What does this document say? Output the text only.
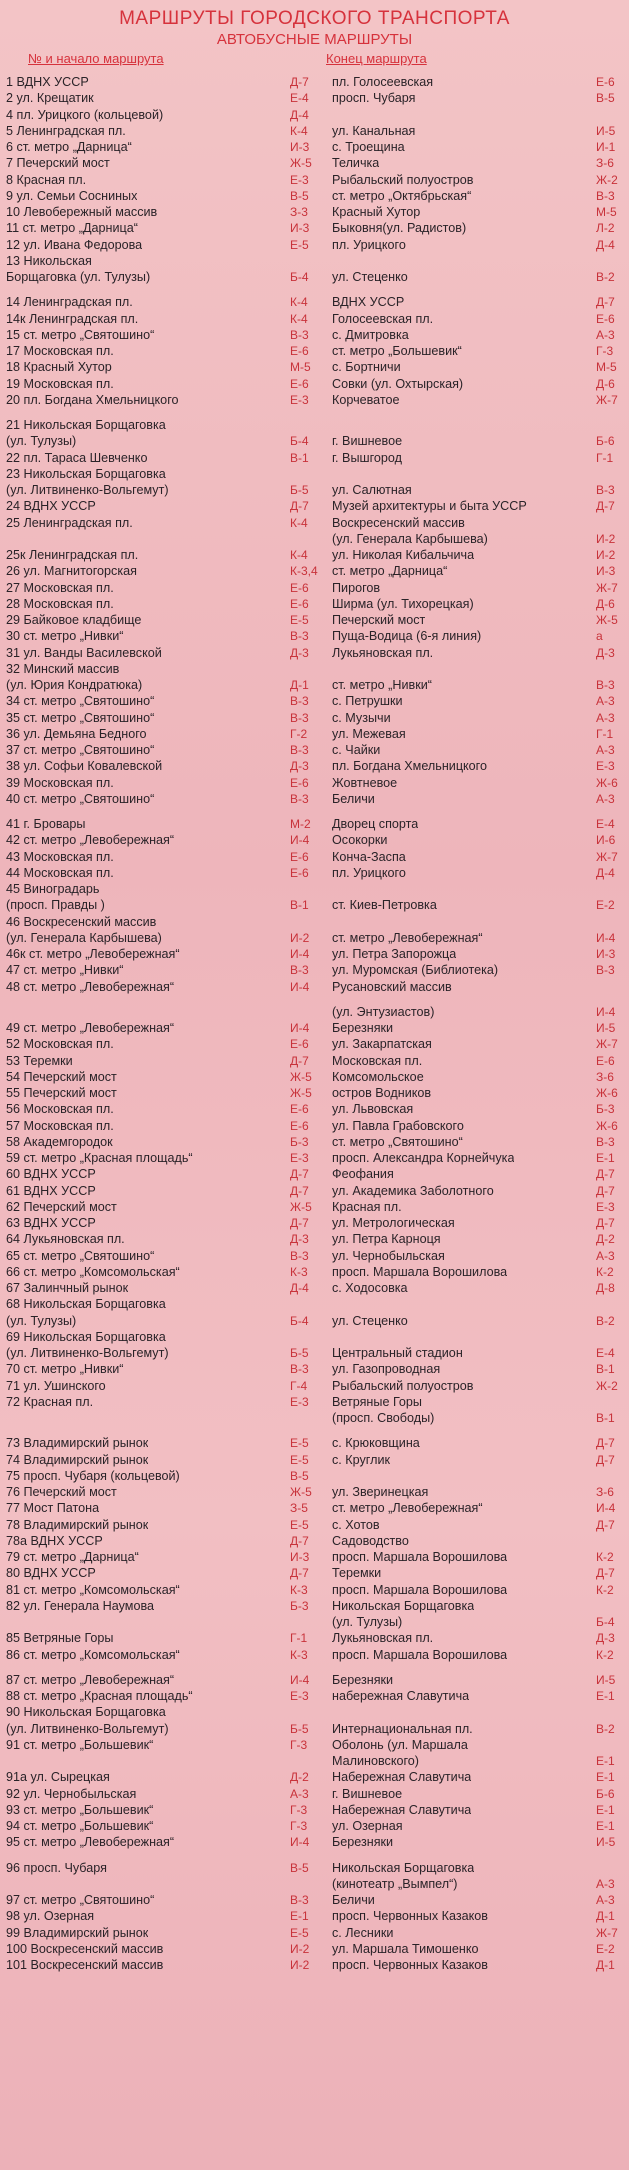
МАРШРУТЫ ГОРОДСКОГО ТРАНСПОРТА
АВТОБУСНЫЕ МАРШРУТЫ
№ и начало маршрута	Конец маршрута
1 ВДНХ УССР	Д-7 пл. Голосеевская	Е-6
2 ул. Крещатик	Е-4 просп. Чубаря	В-5
4 пл. Урицкого (кольцевой)	Д-4
5 Ленинградская пл.	К-4 ул. Канальная	И-5
6 ст. метро „Дарница“	И-3 с. Троещина	И-1
7 Печерский мост	Ж-5 Теличка	З-6
8 Красная пл.	Е-3 Рыбальский полуостров	Ж-2
9 ул. Семьи Сосниных	В-5 ст. метро „Октябрьская“	В-3
10 Левобережный массив	З-3 Красный Хутор	М-5
11 ст. метро „Дарница“	И-3 Быковня(ул. Радистов)	Л-2
12 ул. Ивана Федорова	Е-5 пл. Урицкого	Д-4
13 Никольская
Борщаговка (ул. Тулузы)	Б-4 ул. Стеценко	В-2
14 Ленинградская пл.	К-4 ВДНХ УССР	Д-7
14к Ленинградская пл.	К-4 Голосеевская пл.	Е-6
15 ст. метро „Святошино“	В-3 с. Дмитровка	А-3
17 Московская пл.	Е-6 ст. метро „Большевик“	Г-3
18 Красный Хутор	М-5 с. Бортничи	М-5
19 Московская пл.	Е-6 Совки (ул. Охтырская)	Д-6
20 пл. Богдана Хмельницкого	Е-3 Корчеватое	Ж-7
21 Никольская Борщаговка
(ул. Тулузы)	Б-4 г. Вишневое	Б-6
22 пл. Тараса Шевченко	В-1 г. Вышгород	Г-1
23 Никольская Борщаговка
(ул. Литвиненко-Вольгемут)	Б-5 ул. Салютная	В-3
24 ВДНХ УССР	Д-7 Музей архитектуры и быта УССР	Д-7
25 Ленинградская пл.	К-4 Воскресенский массив
(ул. Генерала Карбышева)	И-2
25к Ленинградская пл.	К-4 ул. Николая Кибальчича	И-2
26 ул. Магнитогорская	К-3,4 ст. метро „Дарница“	И-3
27 Московская пл.	Е-6 Пирогов	Ж-7
28 Московская пл.	Е-6 Ширма (ул. Тихорецкая)	Д-6
29 Байковое кладбище	Е-5 Печерский мост	Ж-5
30 ст. метро „Нивки“	В-3 Пуща-Водица (6-я линия)	а
31 ул. Ванды Василевской	Д-3 Лукьяновская пл.	Д-3
32 Минский массив
(ул. Юрия Кондратюка)	Д-1 ст. метро „Нивки“	В-3
34 ст. метро „Святошино“	В-3 с. Петрушки	А-3
35 ст. метро „Святошино“	В-3 с. Музычи	А-3
36 ул. Демьяна Бедного	Г-2 ул. Межевая	Г-1
37 ст. метро „Святошино“	В-3 с. Чайки	А-3
38 ул. Софьи Ковалевской	Д-3 пл. Богдана Хмельницкого	Е-3
39 Московская пл.	Е-6 Жовтневое	Ж-6
40 ст. метро „Святошино“	В-3 Беличи	А-3
41 г. Бровары	М-2 Дворец спорта	Е-4
42 ст. метро „Левобережная“	И-4 Осокорки	И-6
43 Московская пл.	Е-6 Конча-Заспа	Ж-7
44 Московская пл.	Е-6 пл. Урицкого	Д-4
45 Виноградарь
(просп. Правды )	В-1 ст. Киев-Петровка	Е-2
46 Воскресенский массив
(ул. Генерала Карбышева)	И-2 ст. метро „Левобережная“	И-4
46к ст. метро „Левобережная“	И-4 ул. Петра Запорожца	И-3
47 ст. метро „Нивки“	В-3 ул. Муромская (Библиотека)	В-3
48 ст. метро „Левобережная“	И-4 Русановский массив
(ул. Энтузиастов)	И-4
49 ст. метро „Левобережная“	И-4 Березняки	И-5
52 Московская пл.	Е-6 ул. Закарпатская	Ж-7
53 Теремки	Д-7 Московская пл.	Е-6
54 Печерский мост	Ж-5 Комсомольское	З-6
55 Печерский мост	Ж-5 остров Водников	Ж-6
56 Московская пл.	Е-6 ул. Львовская	Б-3
57 Московская пл.	Е-6 ул. Павла Грабовского	Ж-6
58 Академгородок	Б-3 ст. метро „Святошино“	В-3
59 ст. метро „Красная площадь“	Е-3 просп. Александра Корнейчука	Е-1
60 ВДНХ УССР	Д-7 Феофания	Д-7
61 ВДНХ УССР	Д-7 ул. Академика Заболотного	Д-7
62 Печерский мост	Ж-5 Красная пл.	Е-3
63 ВДНХ УССР	Д-7 ул. Метрологическая	Д-7
64 Лукьяновская пл.	Д-3 ул. Петра Карноця	Д-2
65 ст. метро „Святошино“	В-3 ул. Чернобыльская	А-3
66 ст. метро „Комсомольская“	К-3 просп. Маршала Ворошилова	К-2
67 Залинчный рынок	Д-4 с. Ходосовка	Д-8
68 Никольская Борщаговка
(ул. Тулузы)	Б-4 ул. Стеценко	В-2
69 Никольская Борщаговка
(ул. Литвиненко-Вольгемут)	Б-5 Центральный стадион	Е-4
70 ст. метро „Нивки“	В-3 ул. Газопроводная	В-1
71 ул. Ушинского	Г-4 Рыбальский полуостров	Ж-2
72 Красная пл.	Е-3 Ветряные Горы
(просп. Свободы)	В-1
73 Владимирский рынок	Е-5 с. Крюковщина	Д-7
74 Владимирский рынок	Е-5 с. Круглик	Д-7
75 просп. Чубаря (кольцевой)	В-5
76 Печерский мост	Ж-5 ул. Зверинецкая	З-6
77 Мост Патона	З-5 ст. метро „Левобережная“	И-4
78 Владимирский рынок	Е-5 с. Хотов	Д-7
78а ВДНХ УССР	Д-7 Садоводство
79 ст. метро „Дарница“	И-3 просп. Маршала Ворошилова	К-2
80 ВДНХ УССР	Д-7 Теремки	Д-7
81 ст. метро „Комсомольская“	К-3 просп. Маршала Ворошилова	К-2
82 ул. Генерала Наумова	Б-3 Никольская Борщаговка
(ул. Тулузы)	Б-4
85 Ветряные Горы	Г-1 Лукьяновская пл.	Д-3
86 ст. метро „Комсомольская“	К-3 просп. Маршала Ворошилова	К-2
87 ст. метро „Левобережная“	И-4 Березняки	И-5
88 ст. метро „Красная площадь“	Е-3 набережная Славутича	Е-1
90 Никольская Борщаговка
(ул. Литвиненко-Вольгемут)	Б-5 Интернациональная пл.	В-2
91 ст. метро „Большевик“	Г-3 Оболонь (ул. Маршала
Малиновского)	Е-1
91а ул. Сырецкая	Д-2 Набережная Славутича	Е-1
92 ул. Чернобыльская	А-3 г. Вишневое	Б-6
93 ст. метро „Большевик“	Г-3 Набережная Славутича	Е-1
94 ст. метро „Большевик“	Г-3 ул. Озерная	Е-1
95 ст. метро „Левобережная“	И-4 Березняки	И-5
96 просп. Чубаря	В-5 Никольская Борщаговка
(кинотеатр „Вымпел“)	А-3
97 ст. метро „Святошино“	В-3 Беличи	А-3
98 ул. Озерная	Е-1 просп. Червонных Казаков	Д-1
99 Владимирский рынок	Е-5 с. Лесники	Ж-7
100 Воскресенский массив	И-2 ул. Маршала Тимошенко	Е-2
101 Воскресенский массив	И-2 просп. Червонных Казаков	Д-1
